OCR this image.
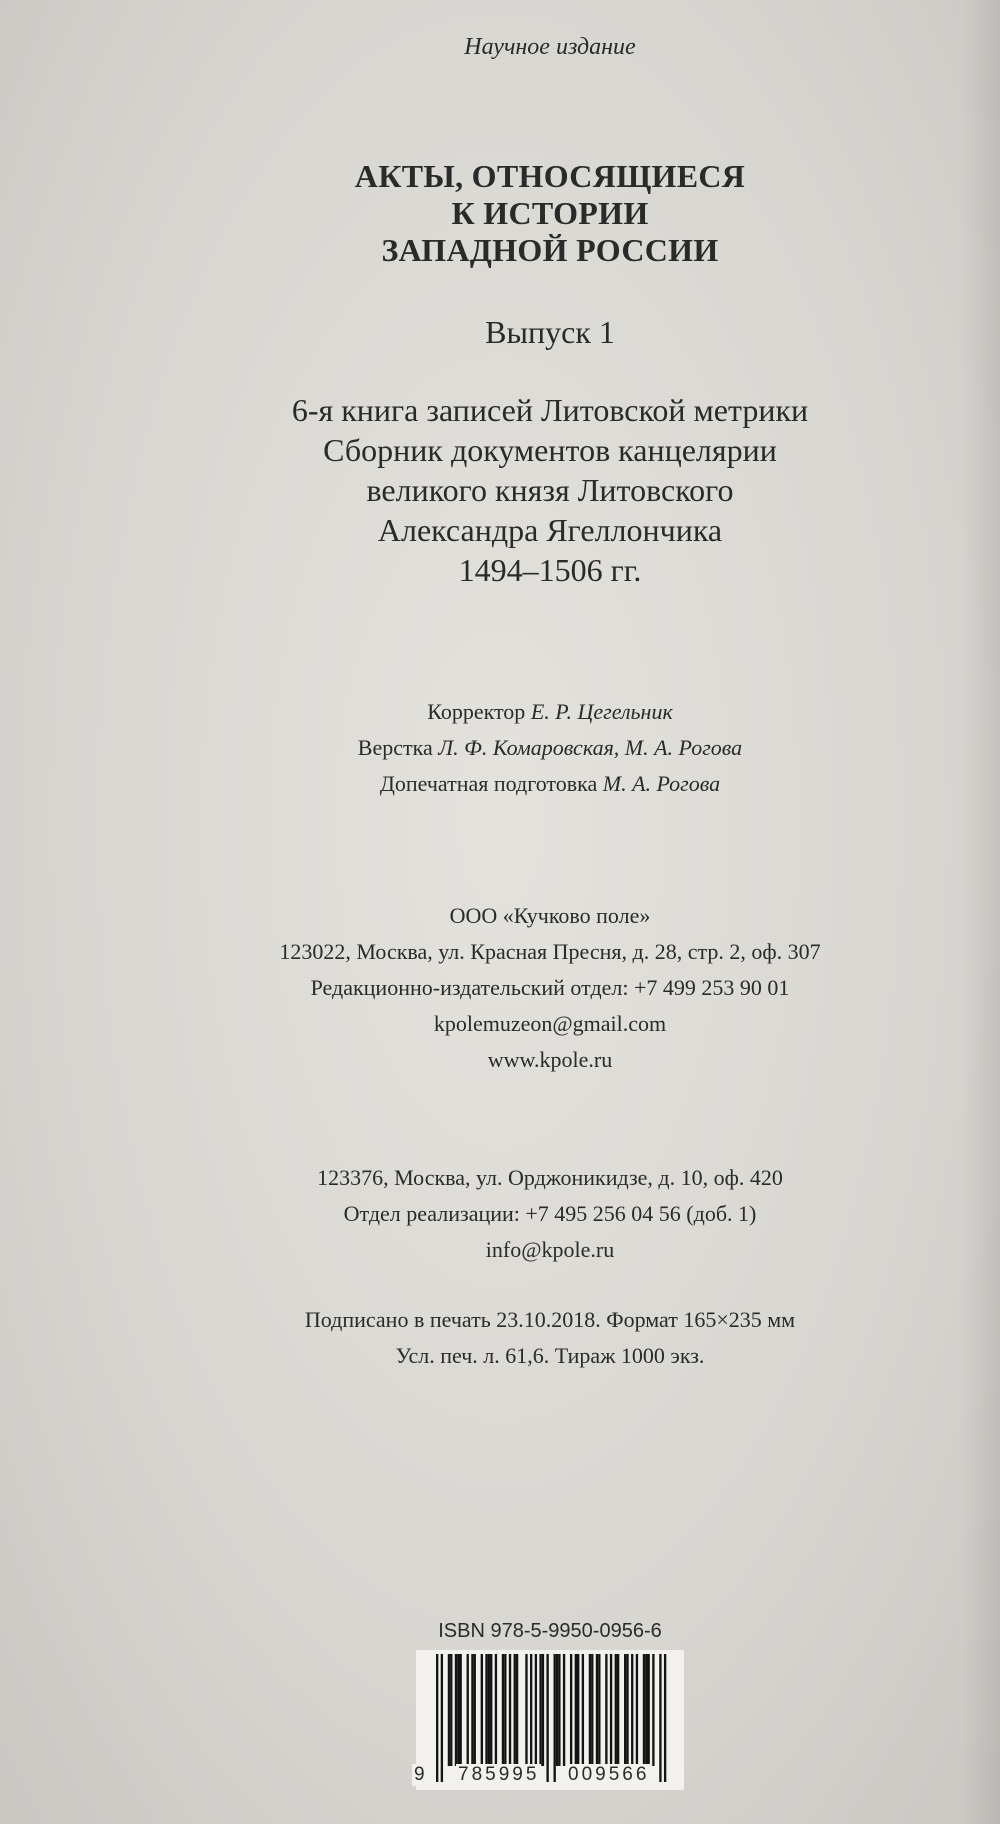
Научное издание
АКТЫ, ОТНОСЯЩИЕСЯ
К ИСТОРИИ
ЗАПАДНОЙ РОССИИ
Выпуск 1
6-я книга записей Литовской метрики
Сборник документов канцелярии
великого князя Литовского
Александра Ягеллончика
1494–1506 гг.
Корректор Е. Р. Цегельник
Верстка Л. Ф. Комаровская, М. А. Рогова
Допечатная подготовка М. А. Рогова
ООО «Кучково поле»
123022, Москва, ул. Красная Пресня, д. 28, стр. 2, оф. 307
Редакционно-издательский отдел: +7 499 253 90 01
kpolemuzeon@gmail.com
www.kpole.ru
123376, Москва, ул. Орджоникидзе, д. 10, оф. 420
Отдел реализации: +7 495 256 04 56 (доб. 1)
info@kpole.ru
Подписано в печать 23.10.2018. Формат 165×235 мм
Усл. печ. л. 61,6. Тираж 1000 экз.
ISBN 978-5-9950-0956-6
9 785995 009566
